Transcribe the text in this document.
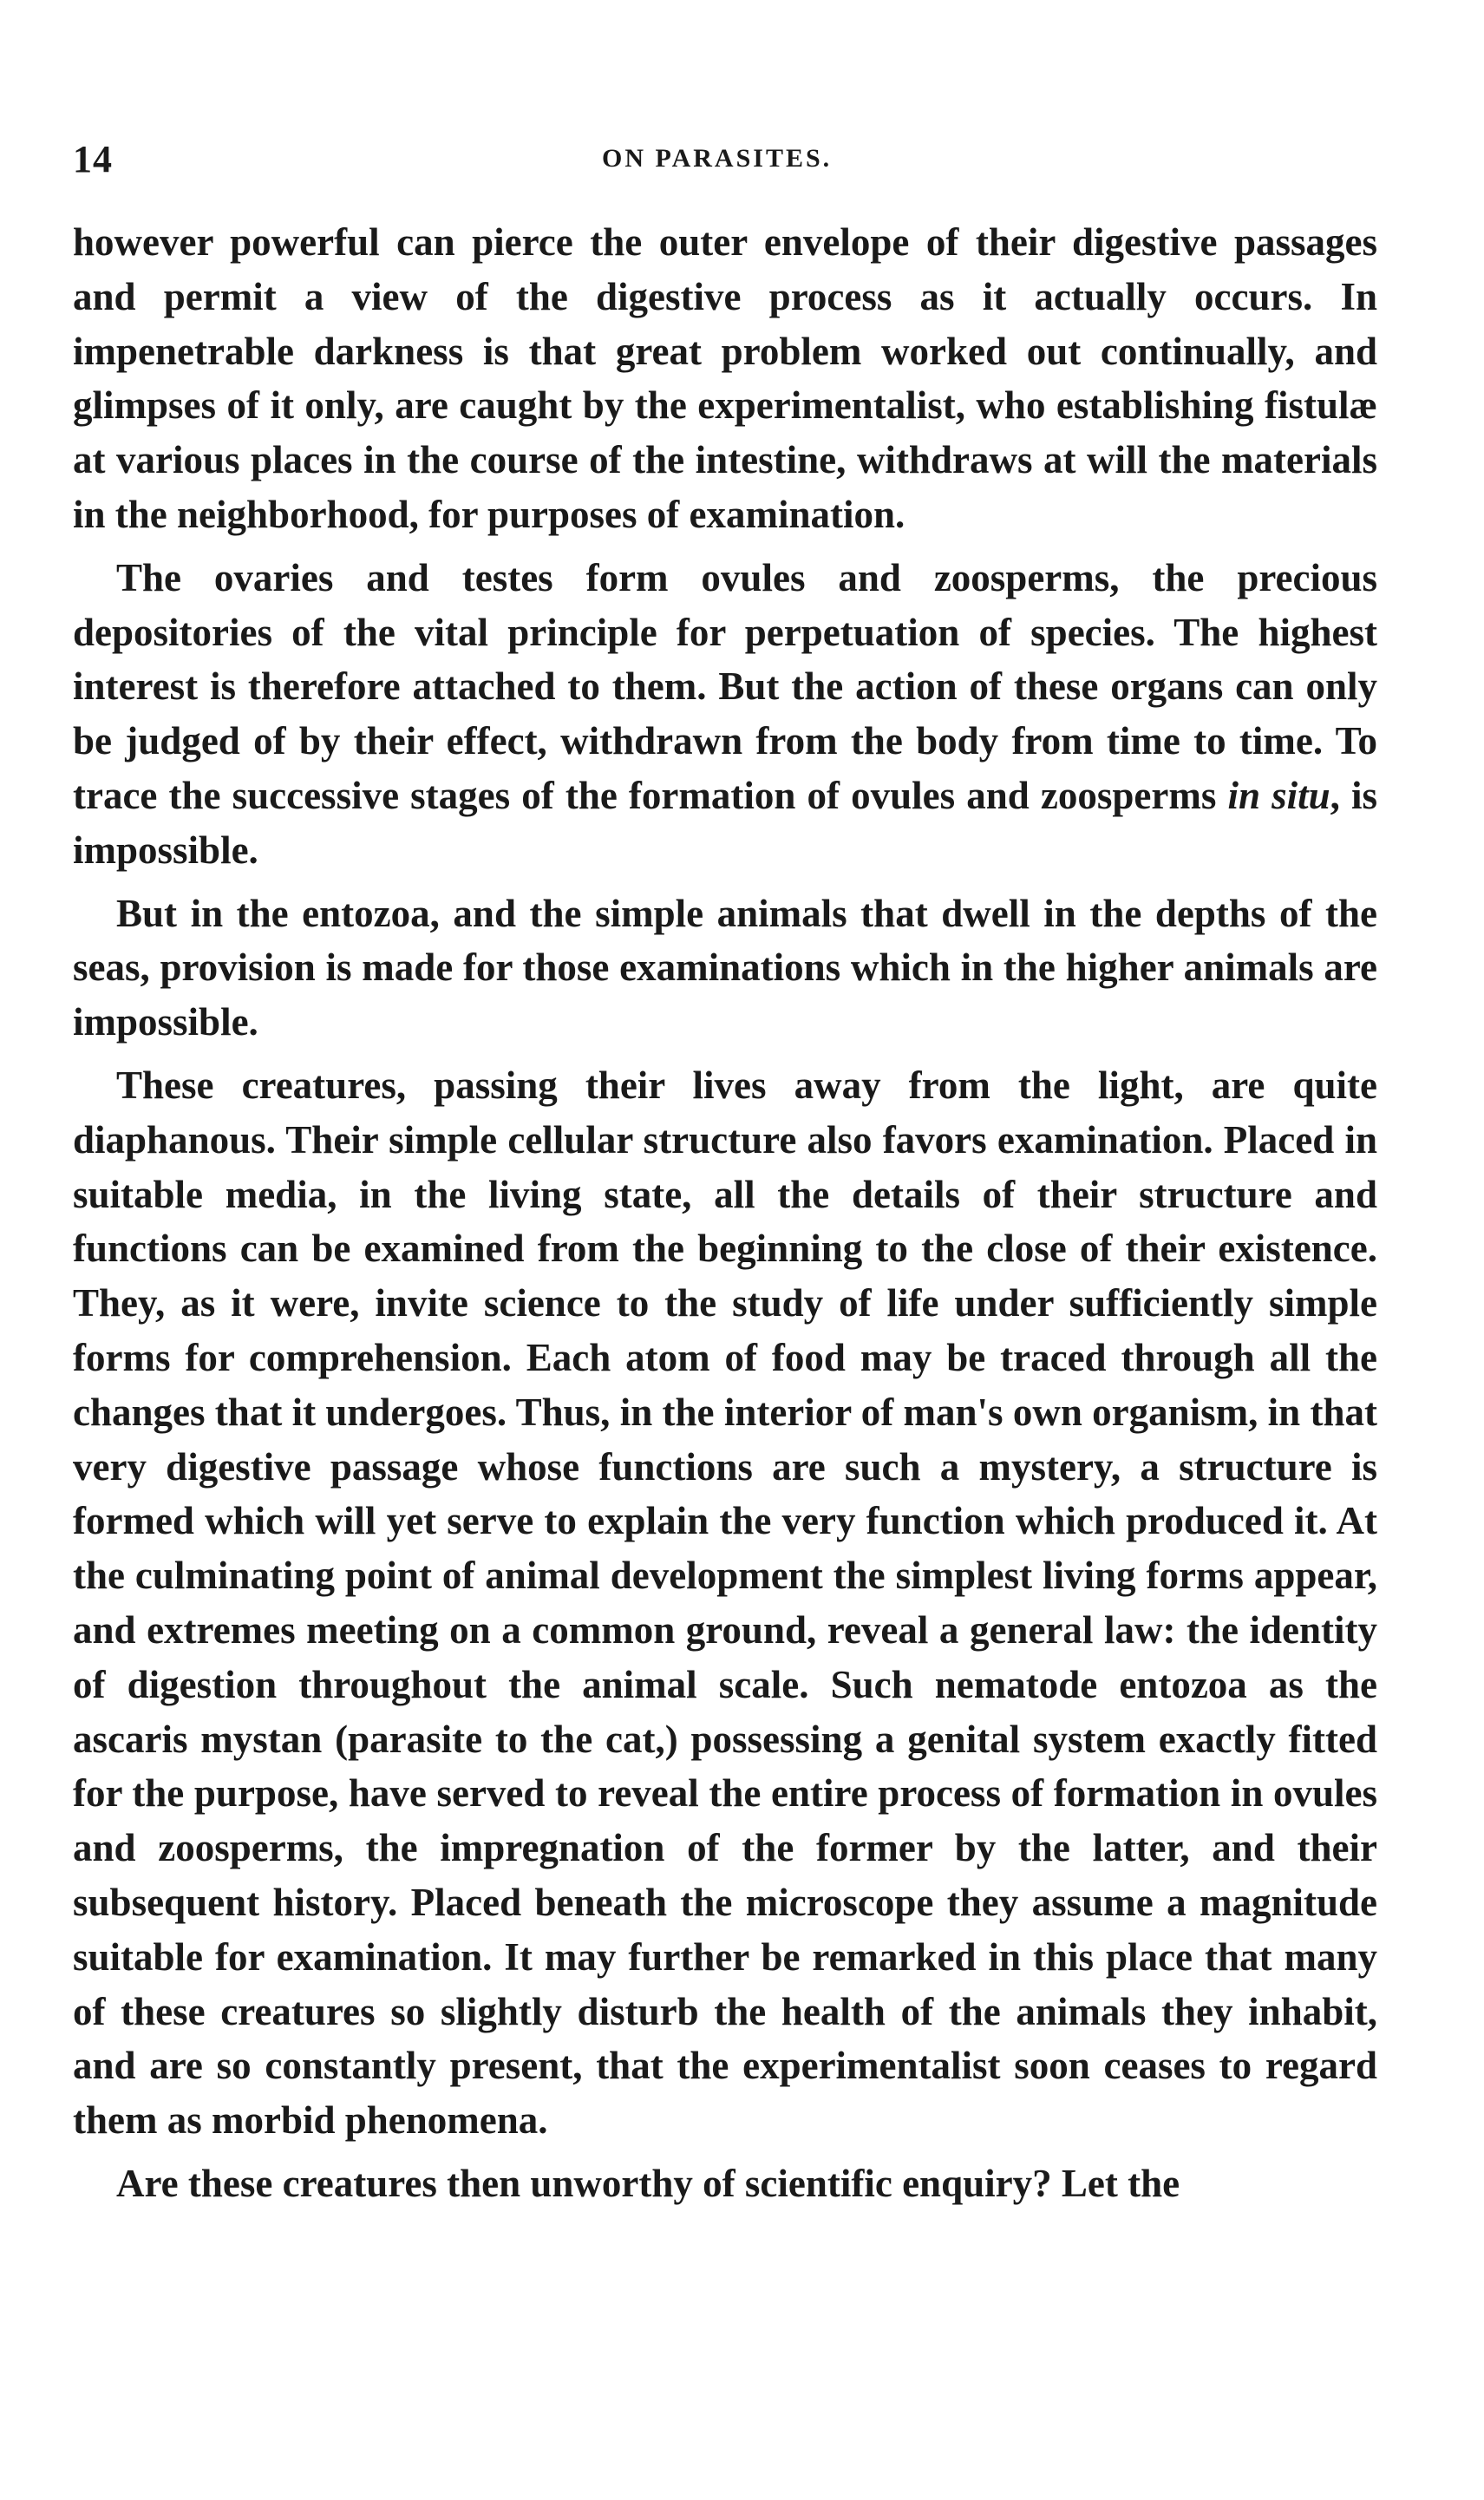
14	ON PARASITES.

however powerful can pierce the outer envelope of their digestive passages and permit a view of the digestive process as it actually occurs. In impenetrable darkness is that great problem worked out continually, and glimpses of it only, are caught by the experimentalist, who establishing fistulæ at various places in the course of the intestine, withdraws at will the materials in the neighborhood, for purposes of examination.

The ovaries and testes form ovules and zoosperms, the precious depositories of the vital principle for perpetuation of species. The highest interest is therefore attached to them. But the action of these organs can only be judged of by their effect, withdrawn from the body from time to time. To trace the successive stages of the formation of ovules and zoosperms in situ, is impossible.

But in the entozoa, and the simple animals that dwell in the depths of the seas, provision is made for those examinations which in the higher animals are impossible.

These creatures, passing their lives away from the light, are quite diaphanous. Their simple cellular structure also favors examination. Placed in suitable media, in the living state, all the details of their structure and functions can be examined from the beginning to the close of their existence. They, as it were, invite science to the study of life under sufficiently simple forms for comprehension. Each atom of food may be traced through all the changes that it undergoes. Thus, in the interior of man's own organism, in that very digestive passage whose functions are such a mystery, a structure is formed which will yet serve to explain the very function which produced it. At the culminating point of animal development the simplest living forms appear, and extremes meeting on a common ground, reveal a general law: the identity of digestion throughout the animal scale. Such nematode entozoa as the ascaris mystan (parasite to the cat,) possessing a genital system exactly fitted for the purpose, have served to reveal the entire process of formation in ovules and zoosperms, the impregnation of the former by the latter, and their subsequent history. Placed beneath the microscope they assume a magnitude suitable for examination. It may further be remarked in this place that many of these creatures so slightly disturb the health of the animals they inhabit, and are so constantly present, that the experimentalist soon ceases to regard them as morbid phenomena.

Are these creatures then unworthy of scientific enquiry? Let the
